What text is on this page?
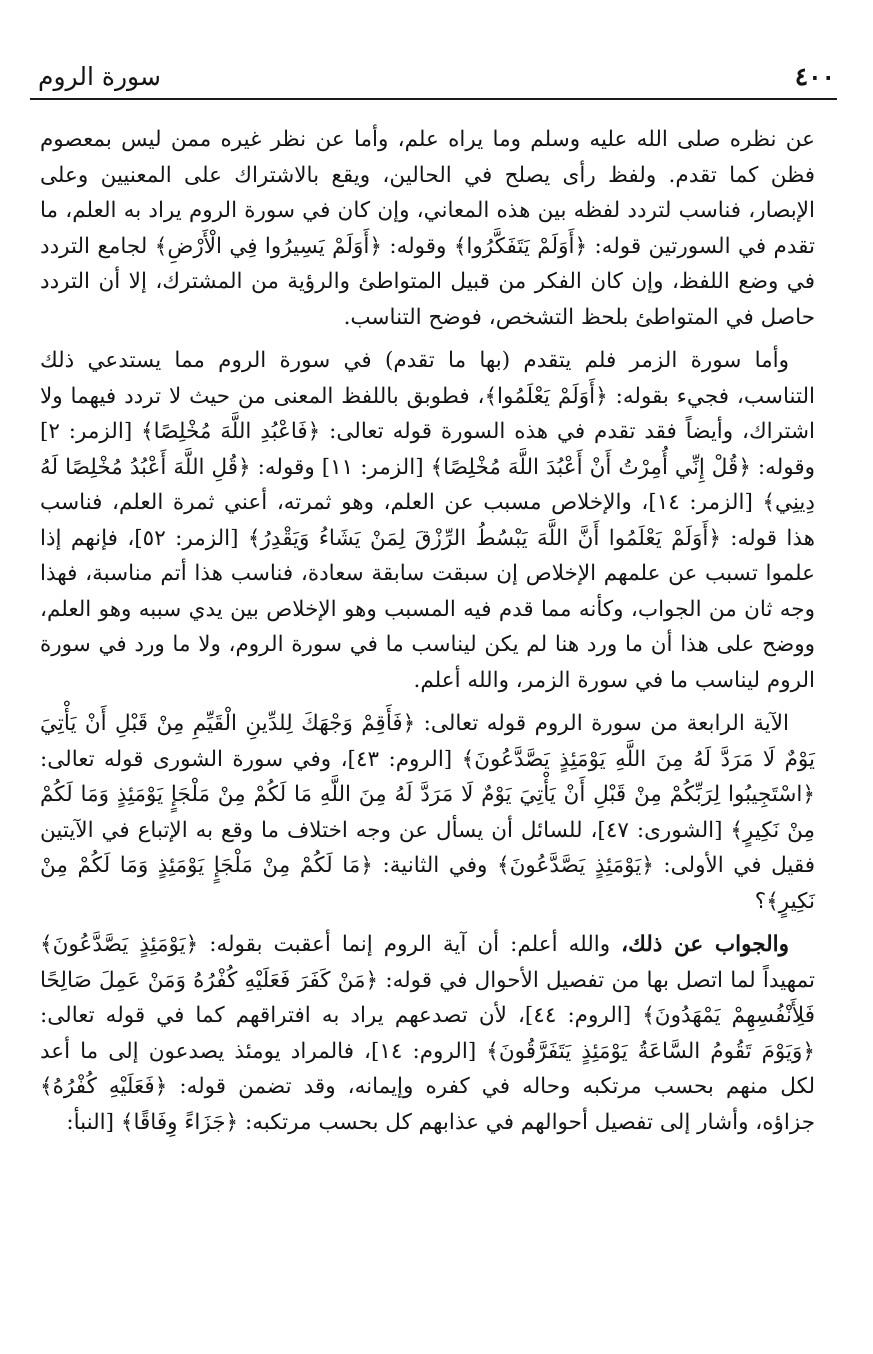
٤٠٠
سورة الروم

عن نظره صلى الله عليه وسلم وما يراه علم، وأما عن نظر غيره ممن ليس بمعصوم فظن كما تقدم. ولفظ رأى يصلح في الحالين، ويقع بالاشتراك على المعنيين وعلى الإبصار، فناسب لتردد لفظه بين هذه المعاني، وإن كان في سورة الروم يراد به العلم، ما تقدم في السورتين قوله: ﴿أَوَلَمْ يَتَفَكَّرُوا﴾ وقوله: ﴿أَوَلَمْ يَسِيرُوا فِي الْأَرْضِ﴾ لجامع التردد في وضع اللفظ، وإن كان الفكر من قبيل المتواطئ والرؤية من المشترك، إلا أن التردد حاصل في المتواطئ بلحظ التشخص، فوضح التناسب.

وأما سورة الزمر فلم يتقدم (بها ما تقدم) في سورة الروم مما يستدعي ذلك التناسب، فجيء بقوله: ﴿أَوَلَمْ يَعْلَمُوا﴾، فطوبق باللفظ المعنى من حيث لا تردد فيهما ولا اشتراك، وأيضاً فقد تقدم في هذه السورة قوله تعالى: ﴿فَاعْبُدِ اللَّهَ مُخْلِصًا﴾ [الزمر: ٢] وقوله: ﴿قُلْ إِنِّي أُمِرْتُ أَنْ أَعْبُدَ اللَّهَ مُخْلِصًا﴾ [الزمر: ١١] وقوله: ﴿قُلِ اللَّهَ أَعْبُدُ مُخْلِصًا لَهُ دِينِي﴾ [الزمر: ١٤]، والإخلاص مسبب عن العلم، وهو ثمرته، أعني ثمرة العلم، فناسب هذا قوله: ﴿أَوَلَمْ يَعْلَمُوا أَنَّ اللَّهَ يَبْسُطُ الرِّزْقَ لِمَنْ يَشَاءُ وَيَقْدِرُ﴾ [الزمر: ٥٢]، فإنهم إذا علموا تسبب عن علمهم الإخلاص إن سبقت سابقة سعادة، فناسب هذا أتم مناسبة، فهذا وجه ثان من الجواب، وكأنه مما قدم فيه المسبب وهو الإخلاص بين يدي سببه وهو العلم، ووضح على هذا أن ما ورد هنا لم يكن ليناسب ما في سورة الروم، ولا ما ورد في سورة الروم ليناسب ما في سورة الزمر، والله أعلم.

الآية الرابعة من سورة الروم قوله تعالى: ﴿فَأَقِمْ وَجْهَكَ لِلدِّينِ الْقَيِّمِ مِنْ قَبْلِ أَنْ يَأْتِيَ يَوْمٌ لَا مَرَدَّ لَهُ مِنَ اللَّهِ يَوْمَئِذٍ يَصَّدَّعُونَ﴾ [الروم: ٤٣]، وفي سورة الشورى قوله تعالى: ﴿اسْتَجِيبُوا لِرَبِّكُمْ مِنْ قَبْلِ أَنْ يَأْتِيَ يَوْمٌ لَا مَرَدَّ لَهُ مِنَ اللَّهِ مَا لَكُمْ مِنْ مَلْجَإٍ يَوْمَئِذٍ وَمَا لَكُمْ مِنْ نَكِيرٍ﴾ [الشورى: ٤٧]، للسائل أن يسأل عن وجه اختلاف ما وقع به الإتباع في الآيتين فقيل في الأولى: ﴿يَوْمَئِذٍ يَصَّدَّعُونَ﴾ وفي الثانية: ﴿مَا لَكُمْ مِنْ مَلْجَإٍ يَوْمَئِذٍ وَمَا لَكُمْ مِنْ نَكِيرٍ﴾؟

والجواب عن ذلك، والله أعلم: أن آية الروم إنما أعقبت بقوله: ﴿يَوْمَئِذٍ يَصَّدَّعُونَ﴾ تمهيداً لما اتصل بها من تفصيل الأحوال في قوله: ﴿مَنْ كَفَرَ فَعَلَيْهِ كُفْرُهُ وَمَنْ عَمِلَ صَالِحًا فَلِأَنْفُسِهِمْ يَمْهَدُونَ﴾ [الروم: ٤٤]، لأن تصدعهم يراد به افتراقهم كما في قوله تعالى: ﴿وَيَوْمَ تَقُومُ السَّاعَةُ يَوْمَئِذٍ يَتَفَرَّقُونَ﴾ [الروم: ١٤]، فالمراد يومئذ يصدعون إلى ما أعد لكل منهم بحسب مرتكبه وحاله في كفره وإيمانه، وقد تضمن قوله: ﴿فَعَلَيْهِ كُفْرُهُ﴾ جزاؤه، وأشار إلى تفصيل أحوالهم في عذابهم كل بحسب مرتكبه: ﴿جَزَاءً وِفَاقًا﴾ [النبأ:
